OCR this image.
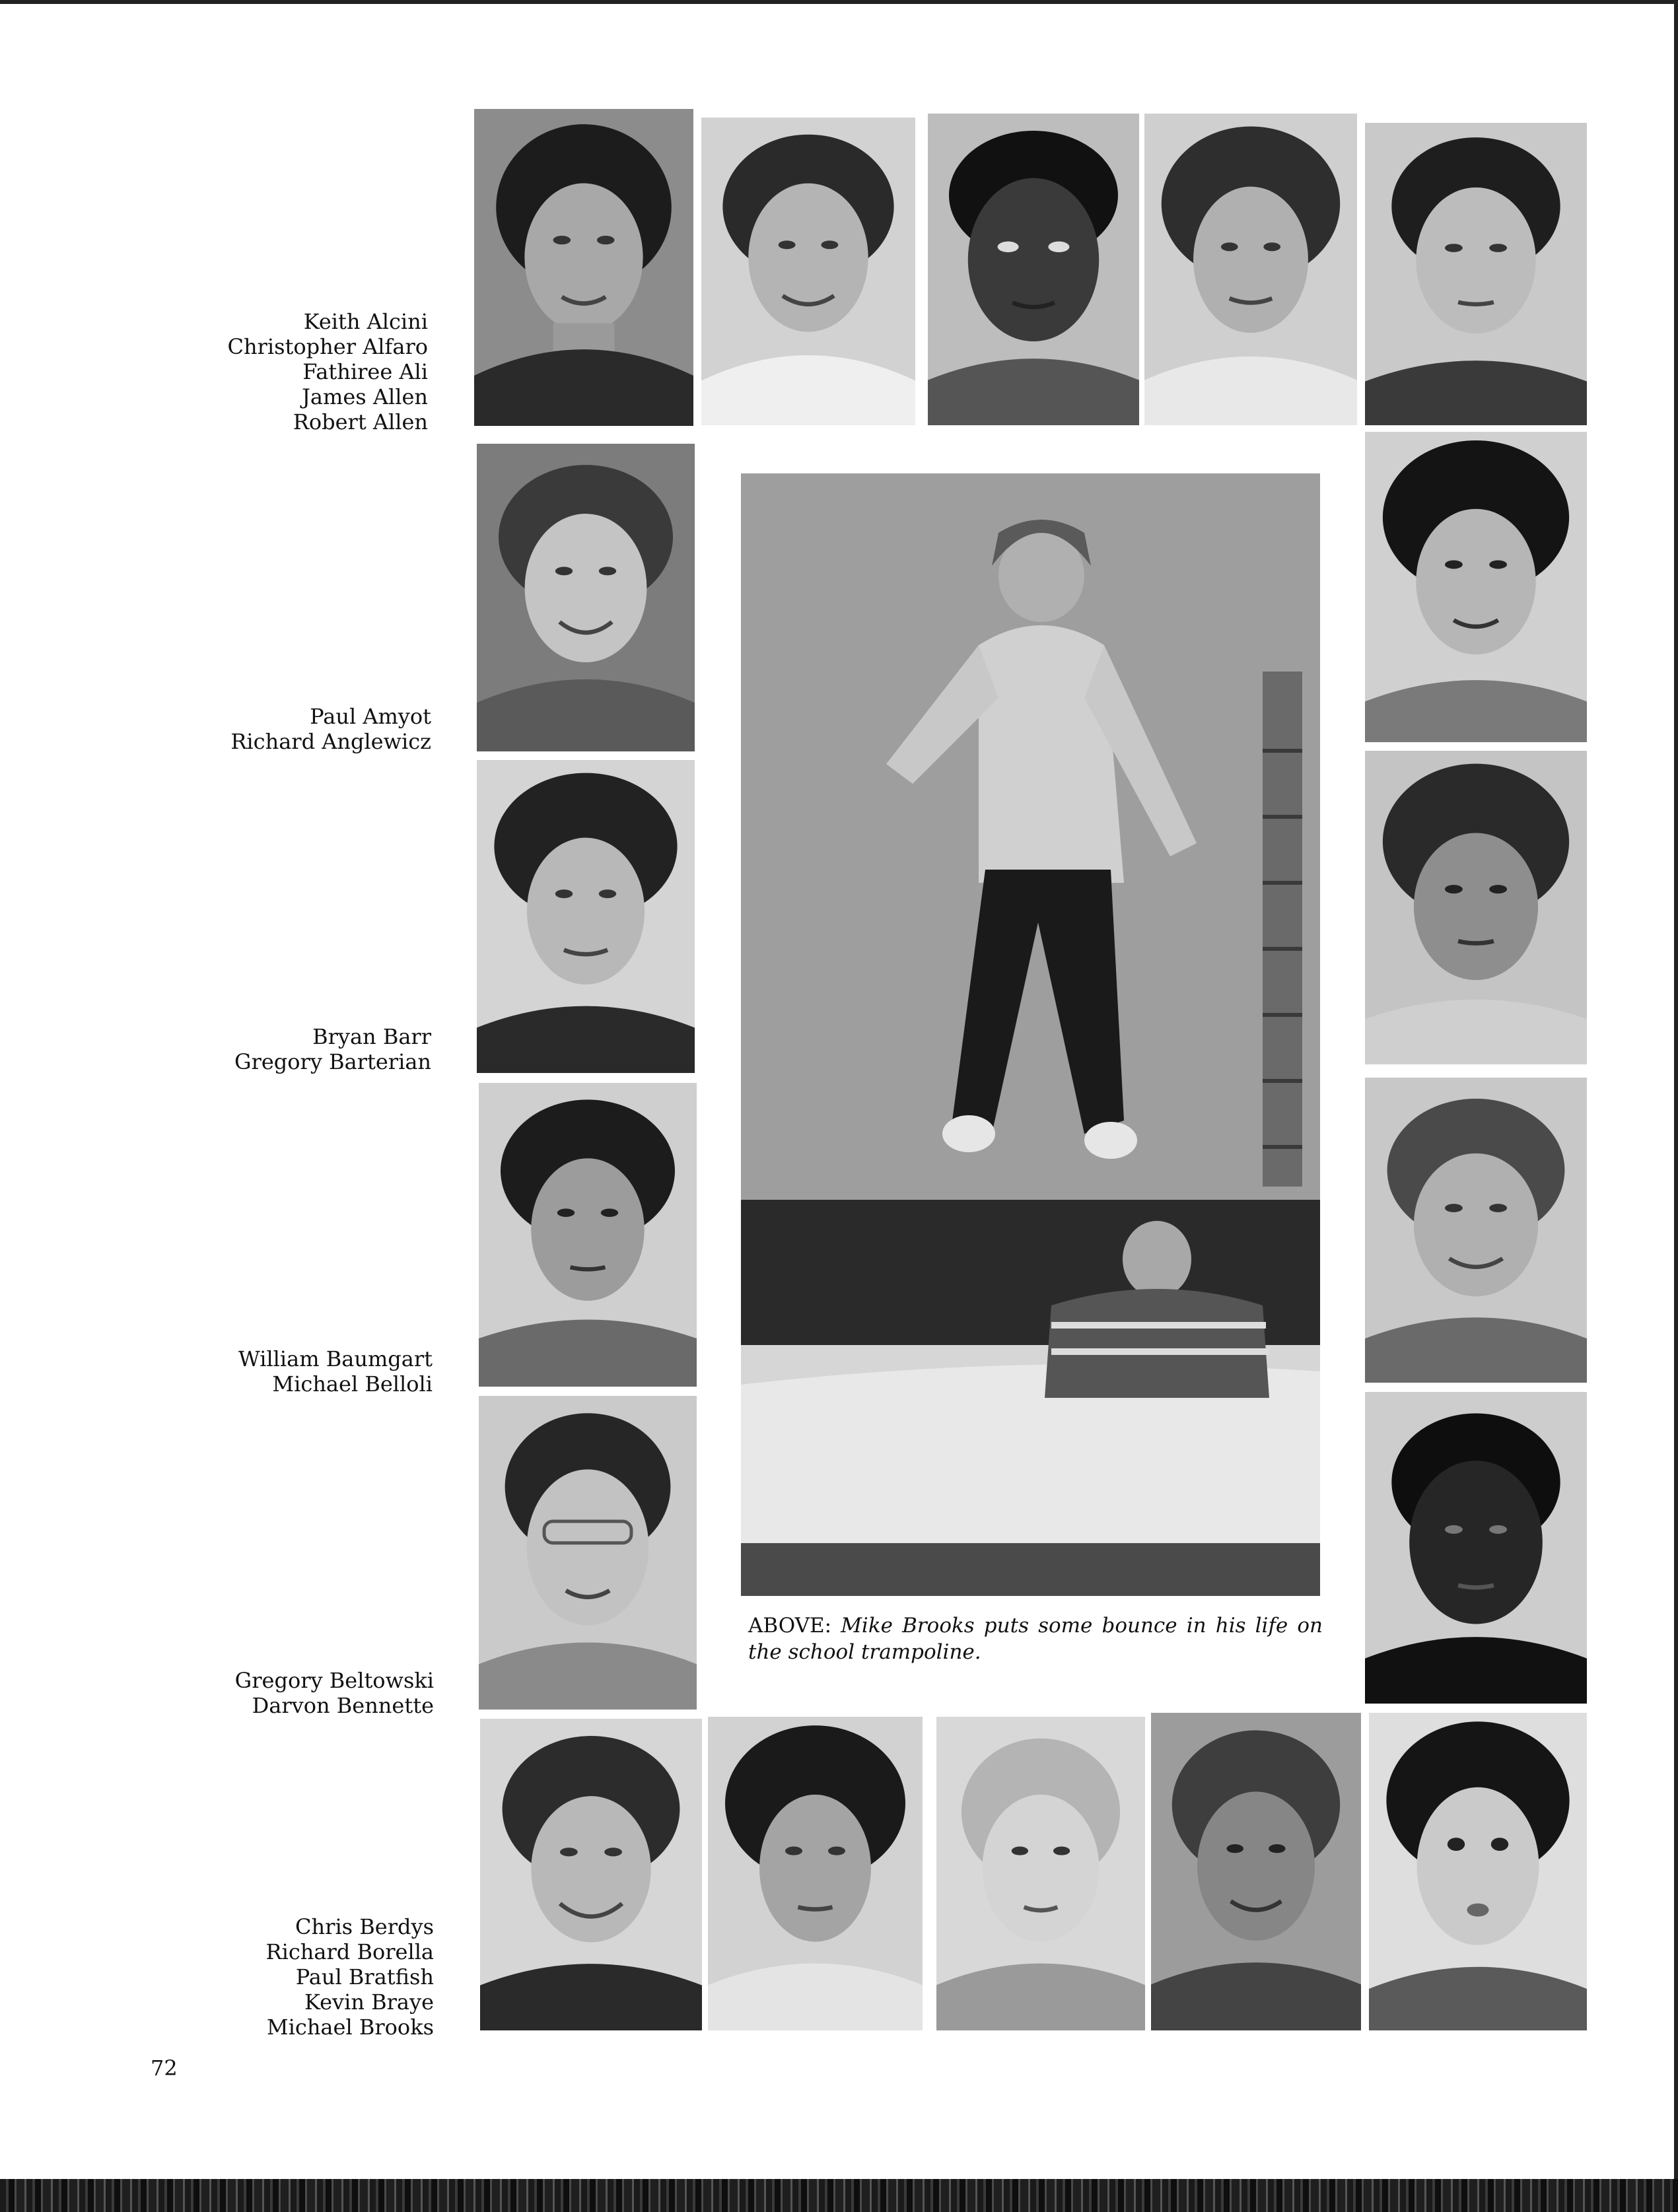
Keith Alcini
Christopher Alfaro
Fathiree Ali
James Allen
Robert Allen
Paul Amyot
Richard Anglewicz
Bryan Barr
Gregory Barterian
William Baumgart
Michael Belloli
Gregory Beltowski
Darvon Bennette
Chris Berdys
Richard Borella
Paul Bratfish
Kevin Braye
Michael Brooks
ABOVE: Mike Brooks puts some bounce in his life on the school trampoline.
72
